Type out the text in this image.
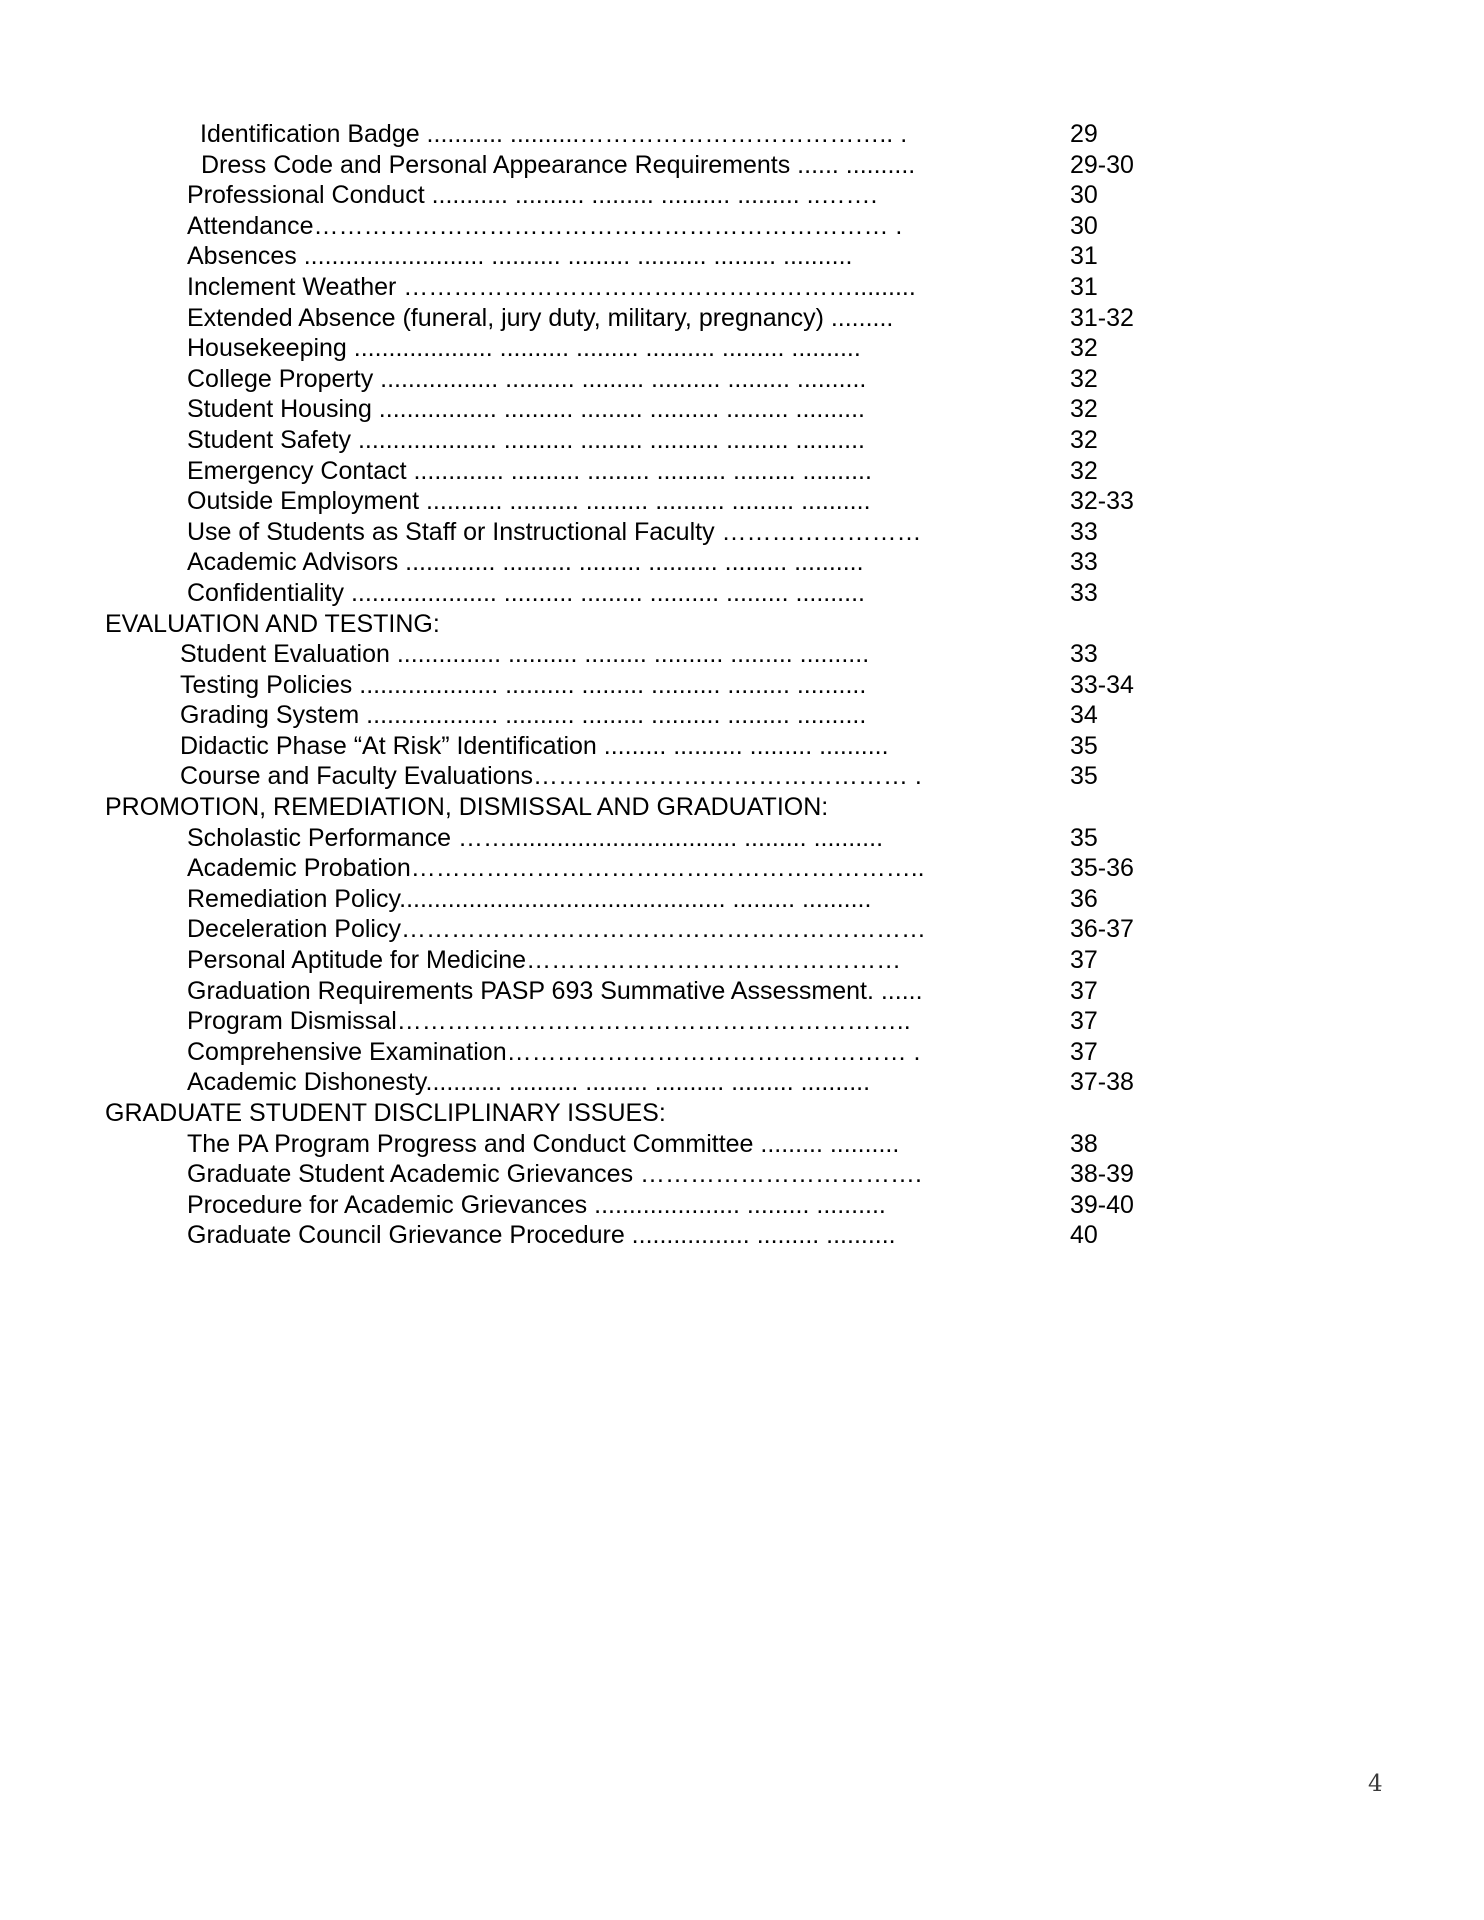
Identification Badge ........... ..........……………………………….. .	29
Dress Code and Personal Appearance Requirements ...... ..........	29-30
Professional Conduct ........... .......... ......... .......... ......... ..…….	30
Attendance…………………………………………………………… .	30
Absences .......................... .......... ......... .......... ......... ..........	31
Inclement Weather ……………………………………………….........	31
Extended Absence (funeral, jury duty, military, pregnancy) .........	31-32
Housekeeping .................... .......... ......... .......... ......... ..........	32
College Property ................. .......... ......... .......... ......... ..........	32
Student Housing ................. .......... ......... .......... ......... ..........	32
Student Safety .................... .......... ......... .......... ......... ..........	32
Emergency Contact ............. .......... ......... .......... ......... ..........	32
Outside Employment ........... .......... ......... .......... ......... ..........	32-33
Use of Students as Staff or Instructional Faculty ……………………	33
Academic Advisors ............. .......... ......... .......... ......... ..........	33
Confidentiality ..................... .......... ......... .......... ......... ..........	33
EVALUATION AND TESTING:
Student Evaluation ............... .......... ......... .......... ......... ..........	33
Testing Policies .................... .......... ......... .......... ......... ..........	33-34
Grading System ................... .......... ......... .......... ......... ..........	34
Didactic Phase “At Risk” Identification ......... .......... ......... ..........	35
Course and Faculty Evaluations……………………………………… .	35
PROMOTION, REMEDIATION, DISMISSAL AND GRADUATION:
Scholastic Performance ……................................. ......... ..........	35
Academic Probation……………………………………………………..	35-36
Remediation Policy............................................... ......... ..........	36
Deceleration Policy………………………………………………………	36-37
Personal Aptitude for Medicine………………………………………	37
Graduation Requirements PASP 693 Summative Assessment. ......	37
Program Dismissal……………………………………………………..	37
Comprehensive Examination………………………………………… .	37
Academic Dishonesty........... .......... ......... .......... ......... ..........	37-38
GRADUATE STUDENT DISCLIPLINARY ISSUES:
The PA Program Progress and Conduct Committee ......... ..........	38
Graduate Student Academic Grievances …………………………….	38-39
Procedure for Academic Grievances ..................... ......... ..........	39-40
Graduate Council Grievance Procedure ................. ......... ..........	40
4
